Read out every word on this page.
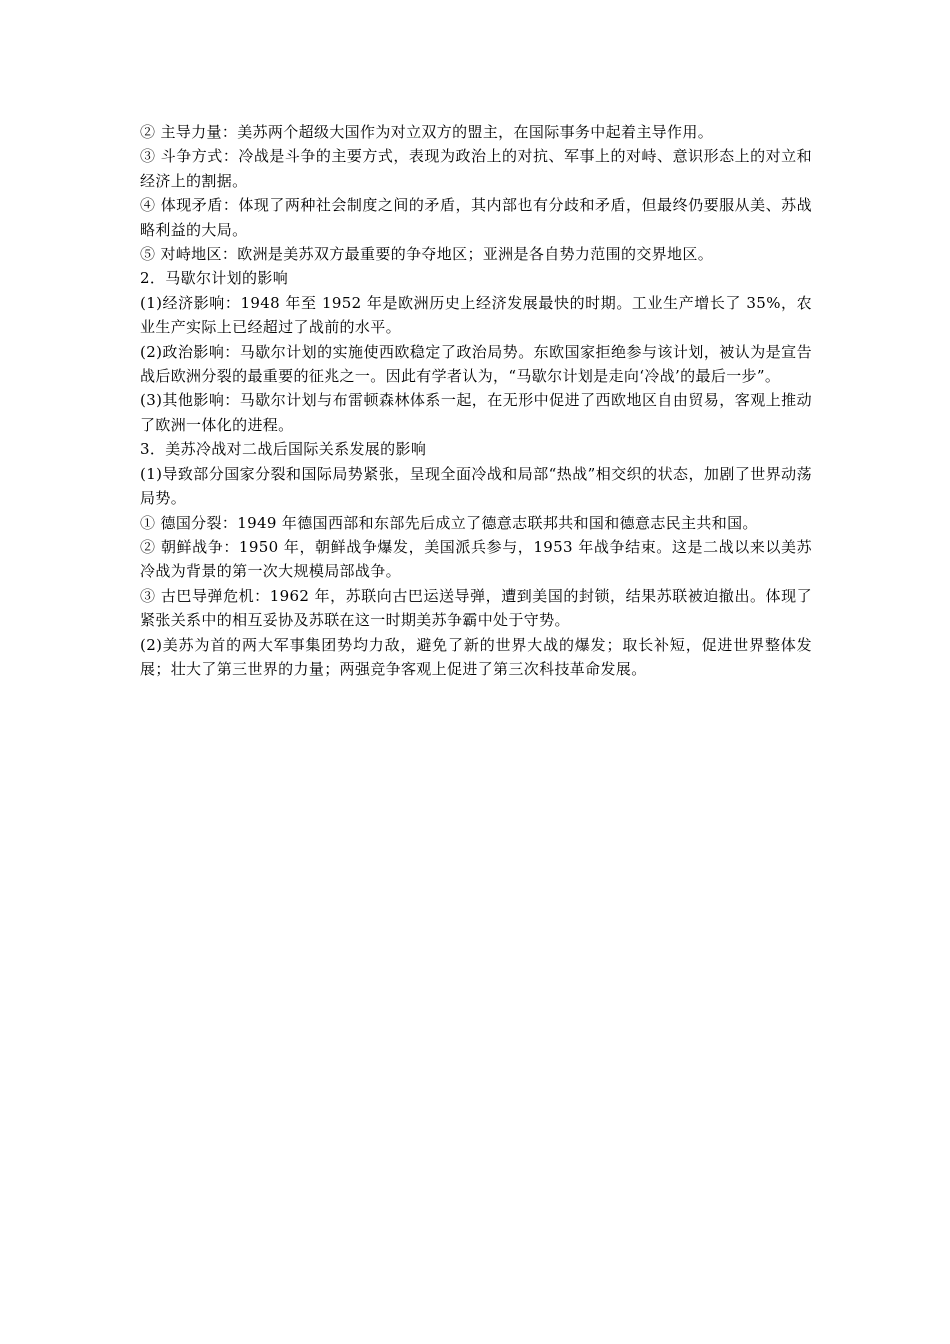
② 主导力量：美苏两个超级大国作为对立双方的盟主，在国际事务中起着主导作用。

③ 斗争方式：冷战是斗争的主要方式，表现为政治上的对抗、军事上的对峙、意识形态上的对立和经济上的割据。

④ 体现矛盾：体现了两种社会制度之间的矛盾，其内部也有分歧和矛盾，但最终仍要服从美、苏战略利益的大局。

⑤ 对峙地区：欧洲是美苏双方最重要的争夺地区；亚洲是各自势力范围的交界地区。

2．马歇尔计划的影响

(1)经济影响：1948 年至 1952 年是欧洲历史上经济发展最快的时期。工业生产增长了 35%，农业生产实际上已经超过了战前的水平。

(2)政治影响：马歇尔计划的实施使西欧稳定了政治局势。东欧国家拒绝参与该计划，被认为是宣告战后欧洲分裂的最重要的征兆之一。因此有学者认为，“马歇尔计划是走向‘冷战’的最后一步”。

(3)其他影响：马歇尔计划与布雷顿森林体系一起，在无形中促进了西欧地区自由贸易，客观上推动了欧洲一体化的进程。

3．美苏冷战对二战后国际关系发展的影响

(1)导致部分国家分裂和国际局势紧张，呈现全面冷战和局部“热战”相交织的状态，加剧了世界动荡局势。

① 德国分裂：1949 年德国西部和东部先后成立了德意志联邦共和国和德意志民主共和国。

② 朝鲜战争：1950 年，朝鲜战争爆发，美国派兵参与，1953 年战争结束。这是二战以来以美苏冷战为背景的第一次大规模局部战争。

③ 古巴导弹危机：1962 年，苏联向古巴运送导弹，遭到美国的封锁，结果苏联被迫撤出。体现了紧张关系中的相互妥协及苏联在这一时期美苏争霸中处于守势。

(2)美苏为首的两大军事集团势均力敌，避免了新的世界大战的爆发；取长补短，促进世界整体发展；壮大了第三世界的力量；两强竞争客观上促进了第三次科技革命发展。
